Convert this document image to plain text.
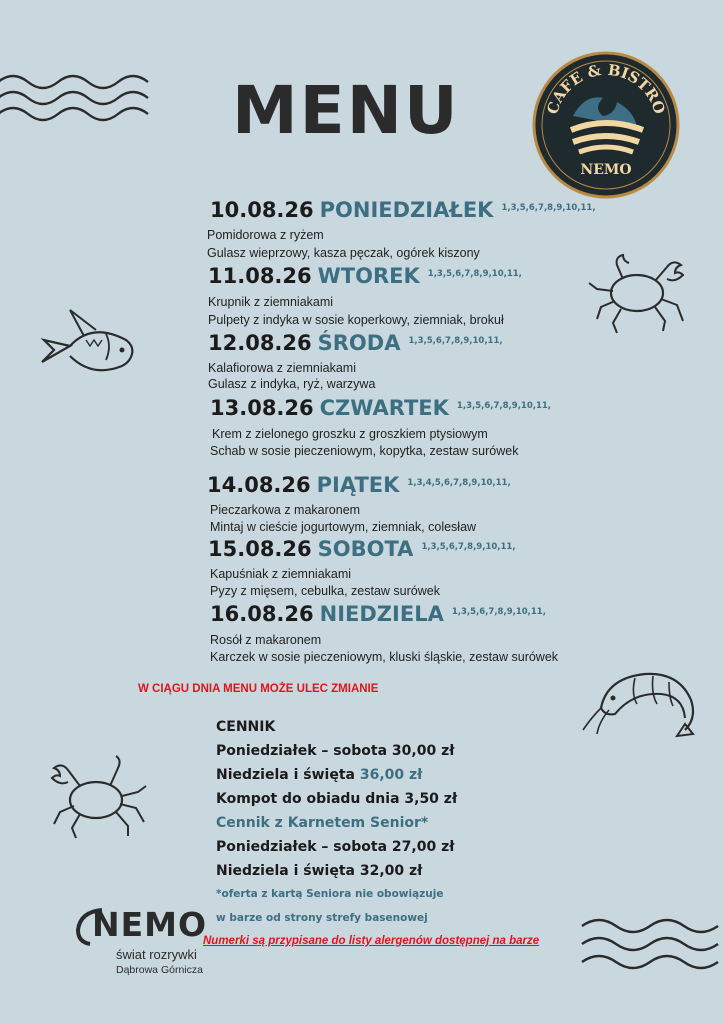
MENU	CAFE & BISTRO
NEMO
10.08.26 PONIEDZIAŁEK $^{1,3,5,6,7,8,9,10,11,}$
Pomidorowa z ryżem
Gulasz wieprzowy, kasza pęczak, ogórek kiszony
11.08.26 WTOREK $^{1,3,5,6,7,8,9,10,11,}$
Krupnik z ziemniakami
Pulpety z indyka w sosie koperkowy, ziemniak, brokuł
12.08.26 ŚRODA $^{1,3,5,6,7,8,9,10,11,}$
Kalafiorowa z ziemniakami
Gulasz z indyka, ryż, warzywa
13.08.26 CZWARTEK $^{1,3,5,6,7,8,9,10,11,}$
Krem z zielonego groszku z groszkiem ptysiowym
Schab w sosie pieczeniowym, kopytka, zestaw surówek
14.08.26 PIĄTEK $^{1,3,4,5,6,7,8,9,10,11,}$
Pieczarkowa z makaronem
Mintaj w cieście jogurtowym, ziemniak, colesław
15.08.26 SOBOTA $^{1,3,5,6,7,8,9,10,11,}$
Kapuśniak z ziemniakami
Pyzy z mięsem, cebulka, zestaw surówek
16.08.26 NIEDZIELA $^{1,3,5,6,7,8,9,10,11,}$
Rosół z makaronem
Karczek w sosie pieczeniowym, kluski śląskie, zestaw surówek
W CIĄGU DNIA MENU MOŻE ULEC ZMIANIE
CENNIK
Poniedziałek – sobota 30,00 zł
Niedziela i święta 36,00 zł
Kompot do obiadu dnia 3,50 zł
Cennik z Karnetem Senior*
Poniedziałek – sobota 27,00 zł
Niedziela i święta 32,00 zł
*oferta z kartą Seniora nie obowiązuje
w barze od strony strefy basenowej
Numerki są przypisane do listy alergenów dostępnej na barze
NEMO
świat rozrywki
Dąbrowa Górnicza
